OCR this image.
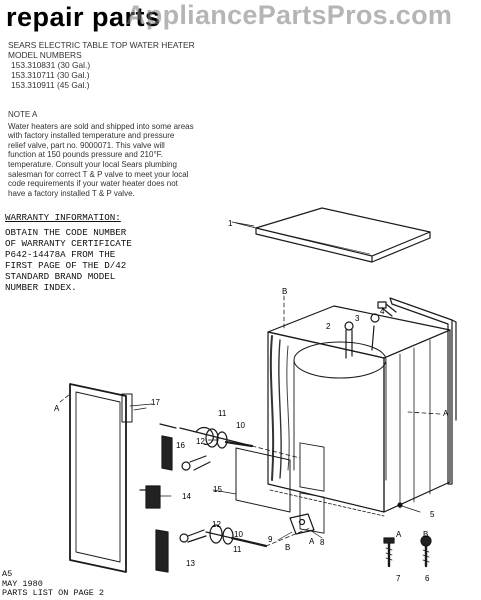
repair parts
AppliancePartsPros.com
SEARS ELECTRIC TABLE TOP WATER HEATER
MODEL NUMBERS
153.310831 (30 Gal.)
153.310711 (30 Gal.)
153.310911 (45 Gal.)
NOTE A
Water heaters are sold and shipped into some areas
with factory installed temperature and pressure
relief valve, part no. 9000071. This valve will
function at 150 pounds pressure and 210°F.
temperature. Consult your local Sears plumbing
salesman for correct T & P valve to meet your local
code requirements if your water heater does not
have a factory installed T & P valve.
WARRANTY INFORMATION:
OBTAIN THE CODE NUMBER
OF WARRANTY CERTIFICATE
P642-14478A FROM THE
FIRST PAGE OF THE D/42
STANDARD BRAND MODEL
NUMBER INDEX.
1
2
3
4
5
6
7
8
9
10
10
11
11
12
12
13
14
15
16
17
A
A
A
A
B
B
B
A5
MAY 1980
PARTS LIST ON PAGE 2
